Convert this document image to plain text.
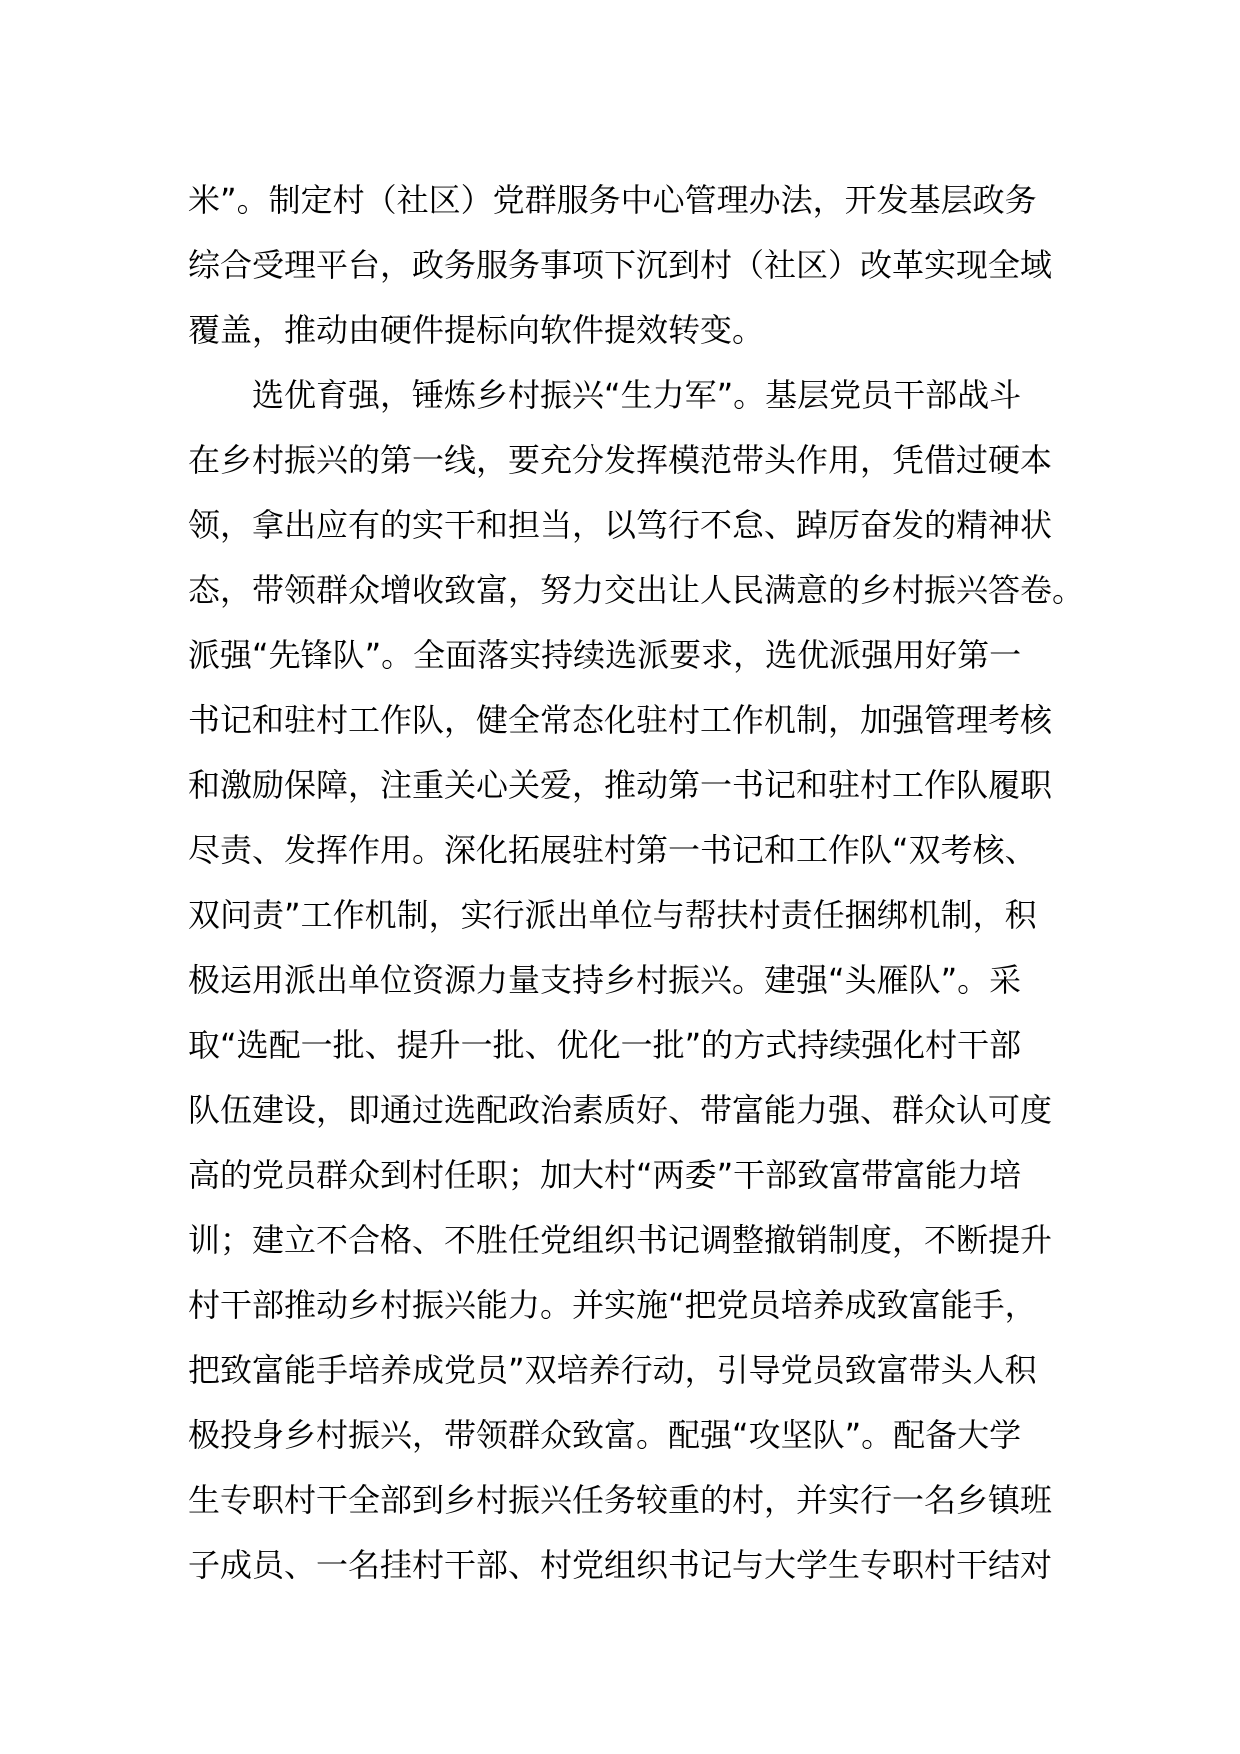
米”。制定村（社区）党群服务中心管理办法，开发基层政务
综合受理平台，政务服务事项下沉到村（社区）改革实现全域
覆盖，推动由硬件提标向软件提效转变。
选优育强，锤炼乡村振兴“生力军”。基层党员干部战斗
在乡村振兴的第一线，要充分发挥模范带头作用，凭借过硬本
领，拿出应有的实干和担当，以笃行不怠、踔厉奋发的精神状
态，带领群众增收致富，努力交出让人民满意的乡村振兴答卷。
派强“先锋队”。全面落实持续选派要求，选优派强用好第一
书记和驻村工作队，健全常态化驻村工作机制，加强管理考核
和激励保障，注重关心关爱，推动第一书记和驻村工作队履职
尽责、发挥作用。深化拓展驻村第一书记和工作队“双考核、
双问责”工作机制，实行派出单位与帮扶村责任捆绑机制，积
极运用派出单位资源力量支持乡村振兴。建强“头雁队”。采
取“选配一批、提升一批、优化一批”的方式持续强化村干部
队伍建设，即通过选配政治素质好、带富能力强、群众认可度
高的党员群众到村任职；加大村“两委”干部致富带富能力培
训；建立不合格、不胜任党组织书记调整撤销制度，不断提升
村干部推动乡村振兴能力。并实施“把党员培养成致富能手，
把致富能手培养成党员”双培养行动，引导党员致富带头人积
极投身乡村振兴，带领群众致富。配强“攻坚队”。配备大学
生专职村干全部到乡村振兴任务较重的村，并实行一名乡镇班
子成员、一名挂村干部、村党组织书记与大学生专职村干结对
